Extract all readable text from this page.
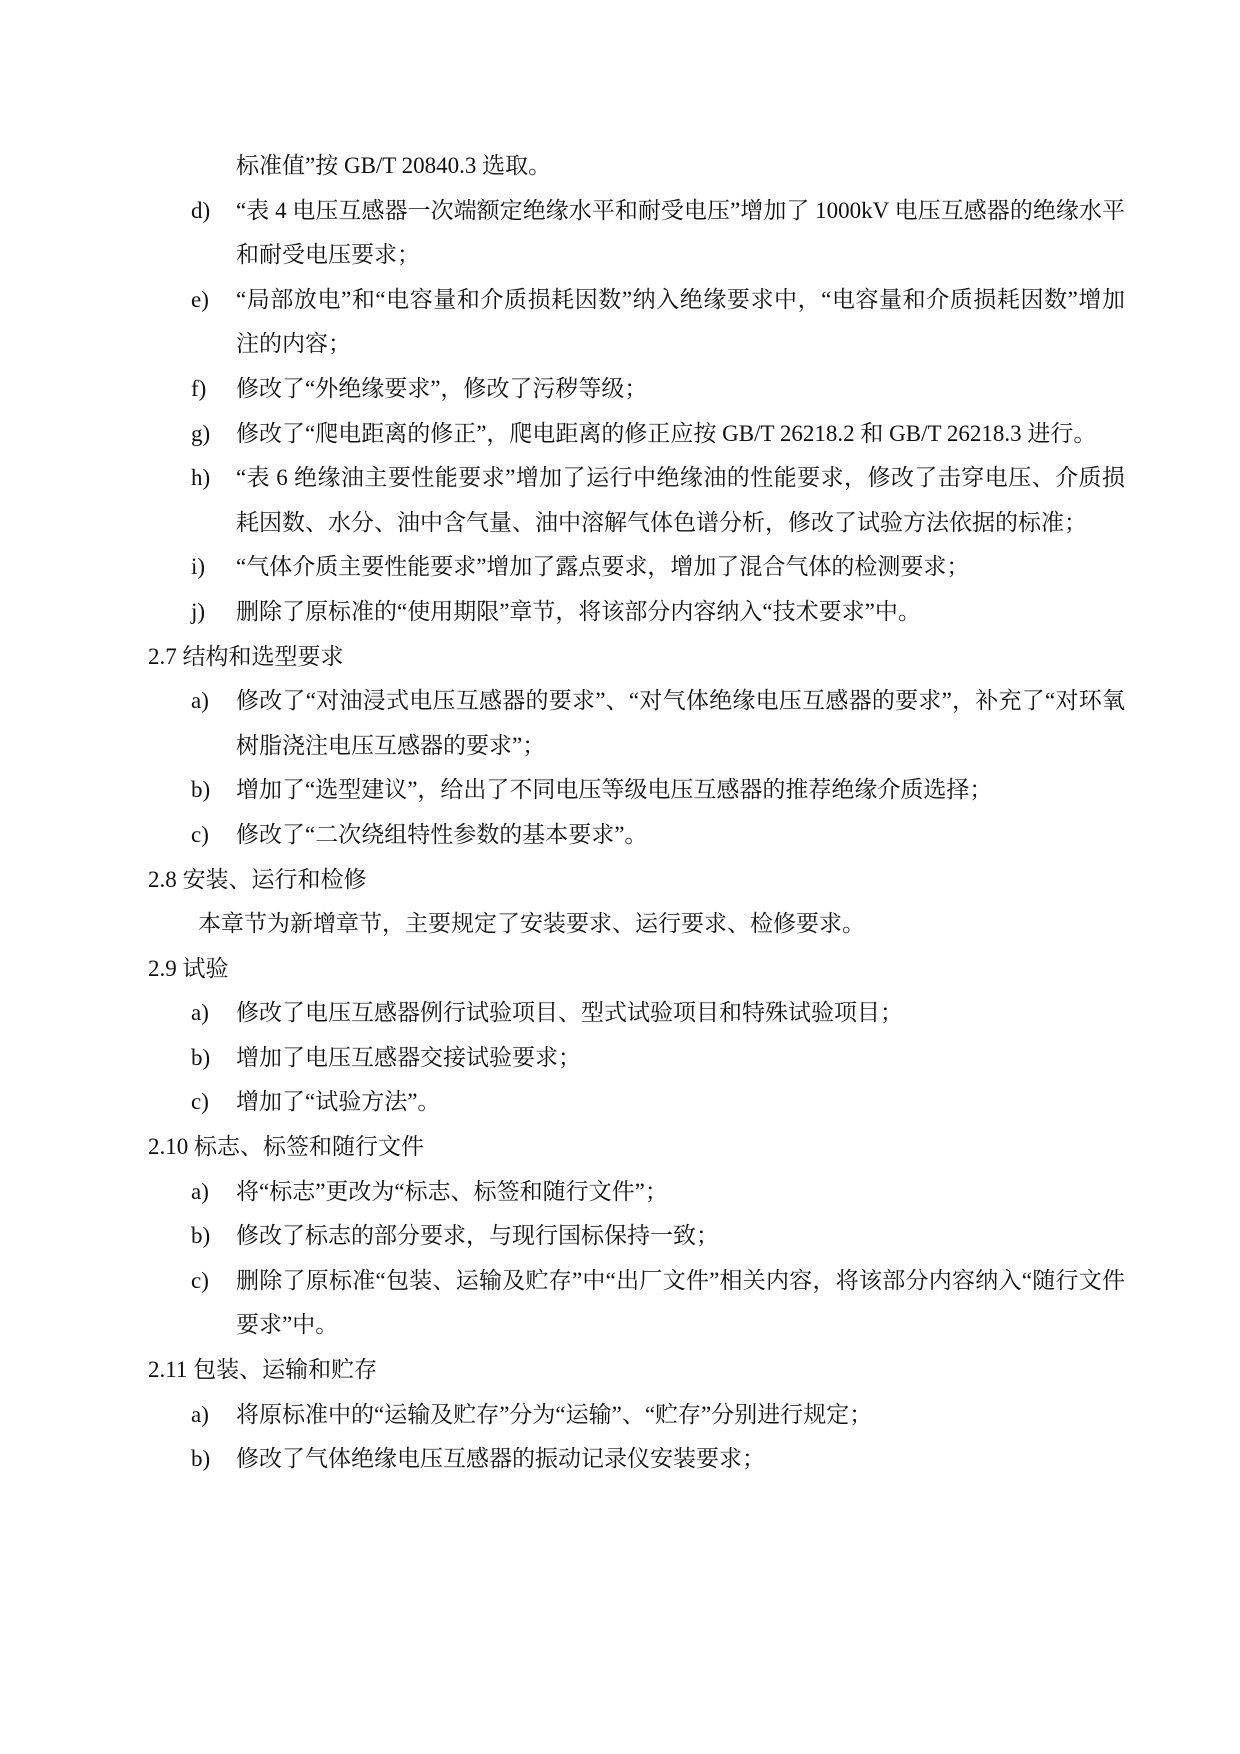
标准值”按 GB/T 20840.3 选取。
d) “表 4 电压互感器一次端额定绝缘水平和耐受电压”增加了 1000kV 电压互感器的绝缘水平和耐受电压要求；
e) “局部放电”和“电容量和介质损耗因数”纳入绝缘要求中，“电容量和介质损耗因数”增加注的内容；
f) 修改了“外绝缘要求”，修改了污秽等级；
g) 修改了“爬电距离的修正”，爬电距离的修正应按 GB/T 26218.2 和 GB/T 26218.3 进行。
h) “表 6 绝缘油主要性能要求”增加了运行中绝缘油的性能要求，修改了击穿电压、介质损耗因数、水分、油中含气量、油中溶解气体色谱分析，修改了试验方法依据的标准；
i) “气体介质主要性能要求”增加了露点要求，增加了混合气体的检测要求；
j) 删除了原标准的“使用期限”章节，将该部分内容纳入“技术要求”中。
2.7 结构和选型要求
a) 修改了“对油浸式电压互感器的要求”、“对气体绝缘电压互感器的要求”，补充了“对环氧树脂浇注电压互感器的要求”；
b) 增加了“选型建议”，给出了不同电压等级电压互感器的推荐绝缘介质选择；
c) 修改了“二次绕组特性参数的基本要求”。
2.8 安装、运行和检修
本章节为新增章节，主要规定了安装要求、运行要求、检修要求。
2.9 试验
a) 修改了电压互感器例行试验项目、型式试验项目和特殊试验项目；
b) 增加了电压互感器交接试验要求；
c) 增加了“试验方法”。
2.10 标志、标签和随行文件
a) 将“标志”更改为“标志、标签和随行文件”；
b) 修改了标志的部分要求，与现行国标保持一致；
c) 删除了原标准“包装、运输及贮存”中“出厂文件”相关内容，将该部分内容纳入“随行文件要求”中。
2.11 包装、运输和贮存
a) 将原标准中的“运输及贮存”分为“运输”、“贮存”分别进行规定；
b) 修改了气体绝缘电压互感器的振动记录仪安装要求；
